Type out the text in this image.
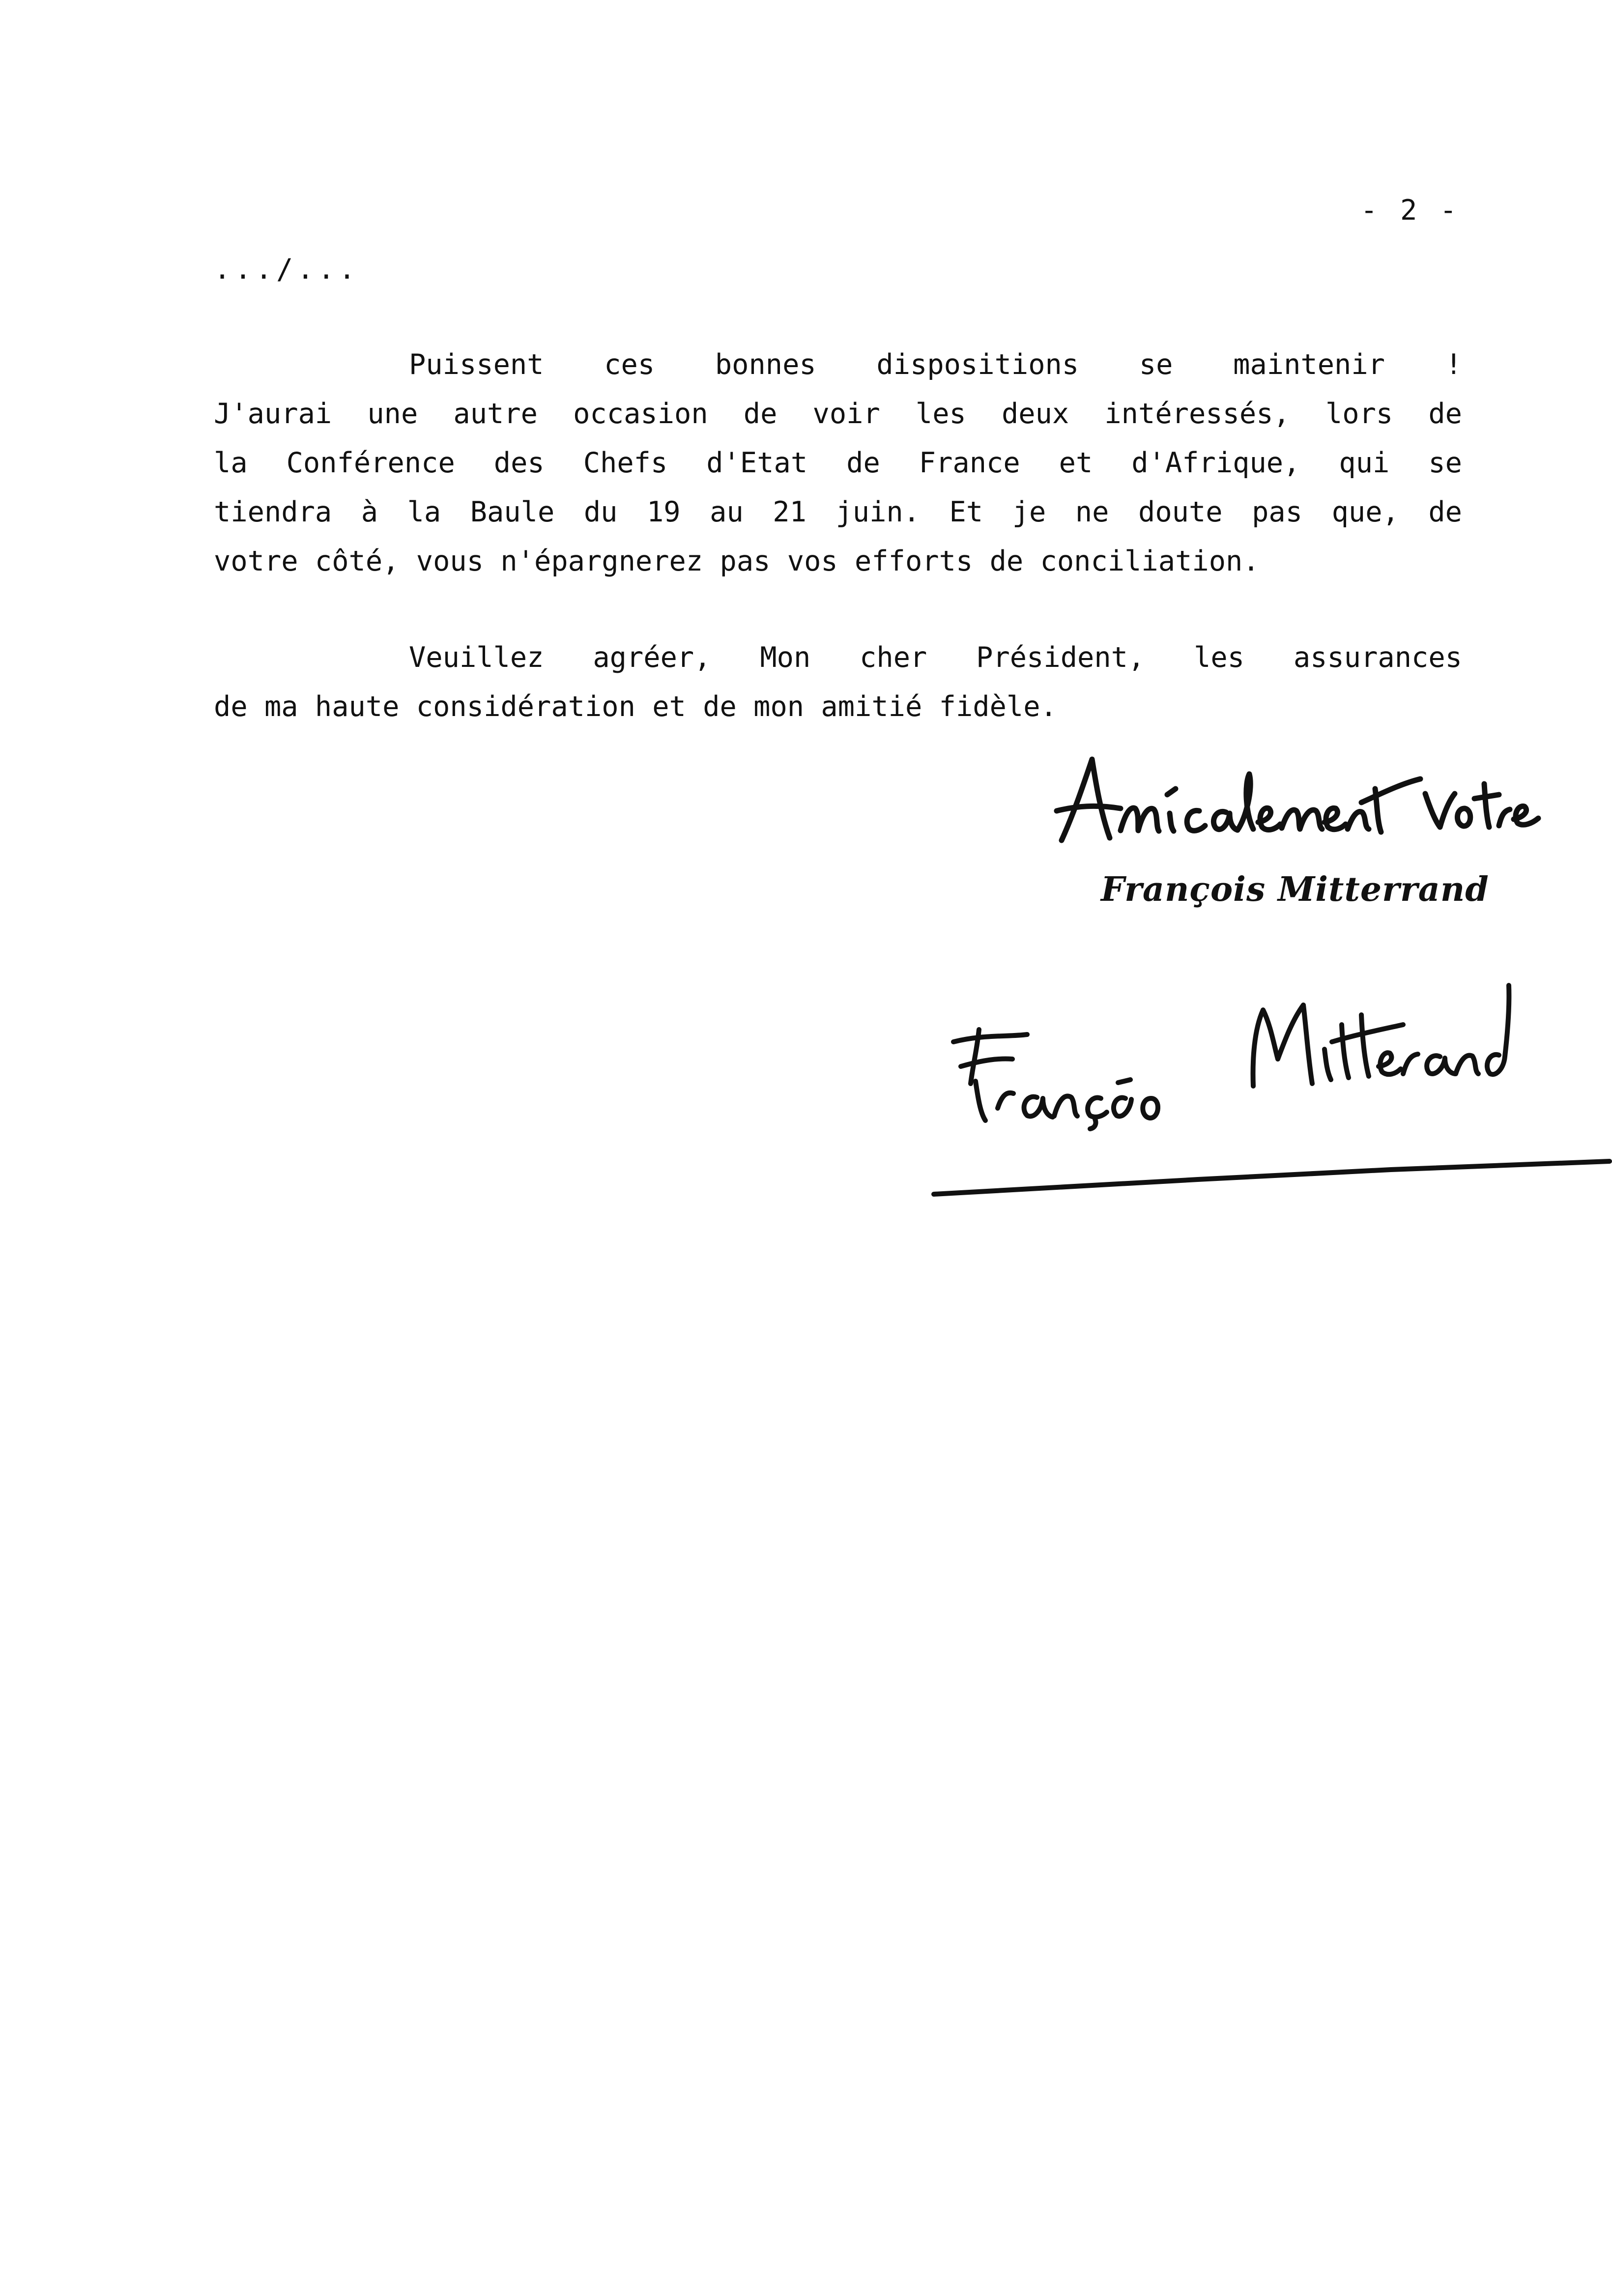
- 2 -
.../...
Puissent ces bonnes dispositions se maintenir !
J'aurai une autre occasion de voir les deux intéressés, lors de
la Conférence des Chefs d'Etat de France et d'Afrique, qui se
tiendra à la Baule du 19 au 21 juin. Et je ne doute pas que, de
votre côté, vous n'épargnerez pas vos efforts de conciliation.
Veuillez agréer, Mon cher Président, les assurances
de ma haute considération et de mon amitié fidèle.
François Mitterrand
